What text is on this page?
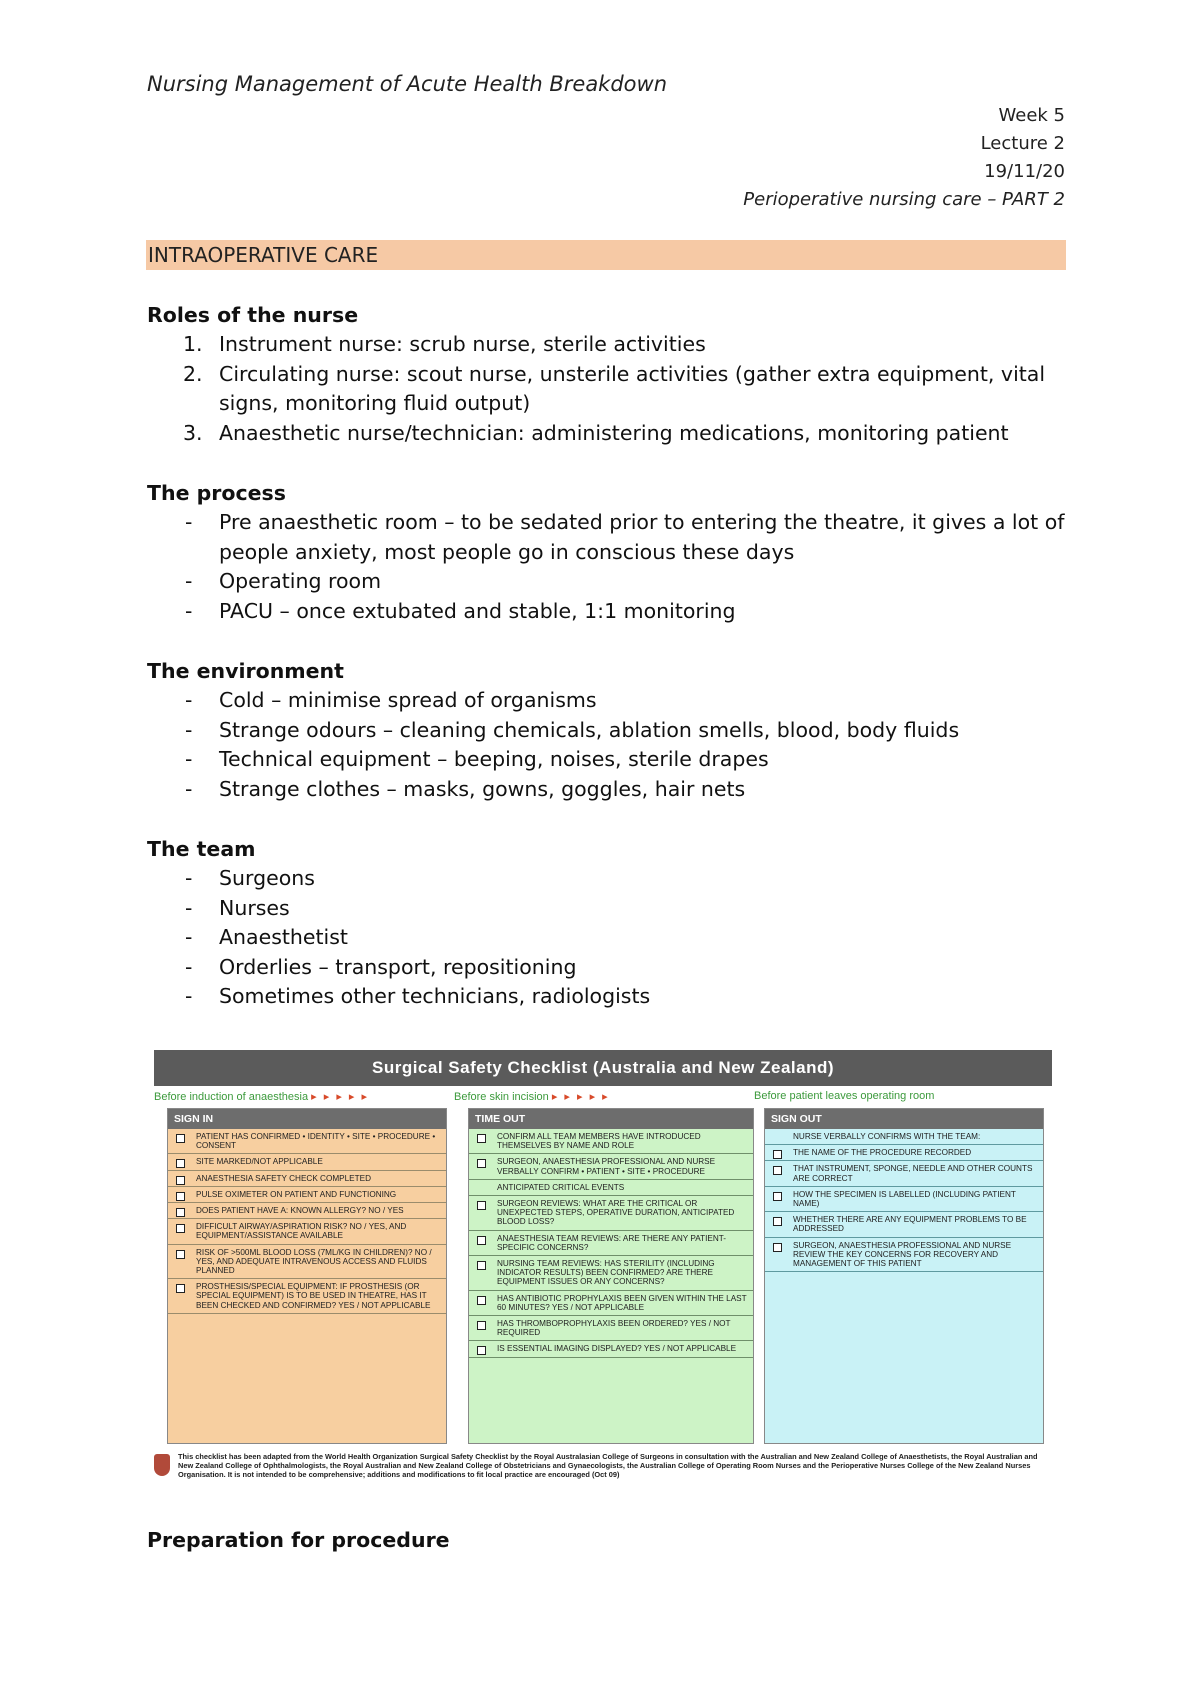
Nursing Management of Acute Health Breakdown
Week 5
Lecture 2
19/11/20
Perioperative nursing care – PART 2
INTRAOPERATIVE CARE
Roles of the nurse
1. Instrument nurse: scrub nurse, sterile activities
2. Circulating nurse: scout nurse, unsterile activities (gather extra equipment, vital signs, monitoring fluid output)
3. Anaesthetic nurse/technician: administering medications, monitoring patient
The process
-	Pre anaesthetic room – to be sedated prior to entering the theatre, it gives a lot of people anxiety, most people go in conscious these days
-	Operating room
-	PACU – once extubated and stable, 1:1 monitoring
The environment
-	Cold – minimise spread of organisms
-	Strange odours – cleaning chemicals, ablation smells, blood, body fluids
-	Technical equipment – beeping, noises, sterile drapes
-	Strange clothes – masks, gowns, goggles, hair nets
The team
-	Surgeons
-	Nurses
-	Anaesthetist
-	Orderlies – transport, repositioning
-	Sometimes other technicians, radiologists
Surgical Safety Checklist (Australia and New Zealand)
Before induction of anaesthesia ▸ ▸ ▸ ▸ ▸	Before skin incision ▸ ▸ ▸ ▸ ▸	Before patient leaves operating room
SIGN IN
PATIENT HAS CONFIRMED • IDENTITY • SITE • PROCEDURE • CONSENT
SITE MARKED/NOT APPLICABLE
ANAESTHESIA SAFETY CHECK COMPLETED
PULSE OXIMETER ON PATIENT AND FUNCTIONING
DOES PATIENT HAVE A: KNOWN ALLERGY? NO / YES
DIFFICULT AIRWAY/ASPIRATION RISK? NO / YES, AND EQUIPMENT/ASSISTANCE AVAILABLE
RISK OF >500ML BLOOD LOSS (7ML/KG IN CHILDREN)? NO / YES, AND ADEQUATE INTRAVENOUS ACCESS AND FLUIDS PLANNED
PROSTHESIS/SPECIAL EQUIPMENT: IF PROSTHESIS (OR SPECIAL EQUIPMENT) IS TO BE USED IN THEATRE, HAS IT BEEN CHECKED AND CONFIRMED? YES / NOT APPLICABLE
TIME OUT
CONFIRM ALL TEAM MEMBERS HAVE INTRODUCED THEMSELVES BY NAME AND ROLE
SURGEON, ANAESTHESIA PROFESSIONAL AND NURSE VERBALLY CONFIRM • PATIENT • SITE • PROCEDURE
ANTICIPATED CRITICAL EVENTS
SURGEON REVIEWS: WHAT ARE THE CRITICAL OR UNEXPECTED STEPS, OPERATIVE DURATION, ANTICIPATED BLOOD LOSS?
ANAESTHESIA TEAM REVIEWS: ARE THERE ANY PATIENT-SPECIFIC CONCERNS?
NURSING TEAM REVIEWS: HAS STERILITY (INCLUDING INDICATOR RESULTS) BEEN CONFIRMED? ARE THERE EQUIPMENT ISSUES OR ANY CONCERNS?
HAS ANTIBIOTIC PROPHYLAXIS BEEN GIVEN WITHIN THE LAST 60 MINUTES? YES / NOT APPLICABLE
HAS THROMBOPROPHYLAXIS BEEN ORDERED? YES / NOT REQUIRED
IS ESSENTIAL IMAGING DISPLAYED? YES / NOT APPLICABLE
SIGN OUT
NURSE VERBALLY CONFIRMS WITH THE TEAM:
THE NAME OF THE PROCEDURE RECORDED
THAT INSTRUMENT, SPONGE, NEEDLE AND OTHER COUNTS ARE CORRECT
HOW THE SPECIMEN IS LABELLED (INCLUDING PATIENT NAME)
WHETHER THERE ARE ANY EQUIPMENT PROBLEMS TO BE ADDRESSED
SURGEON, ANAESTHESIA PROFESSIONAL AND NURSE REVIEW THE KEY CONCERNS FOR RECOVERY AND MANAGEMENT OF THIS PATIENT
This checklist has been adapted from the World Health Organization Surgical Safety Checklist by the Royal Australasian College of Surgeons in consultation with the Australian and New Zealand College of Anaesthetists, the Royal Australian and New Zealand College of Ophthalmologists, the Royal Australian and New Zealand College of Obstetricians and Gynaecologists, the Australian College of Operating Room Nurses and the Perioperative Nurses College of the New Zealand Nurses Organisation. It is not intended to be comprehensive; additions and modifications to fit local practice are encouraged (Oct 09)
Preparation for procedure
